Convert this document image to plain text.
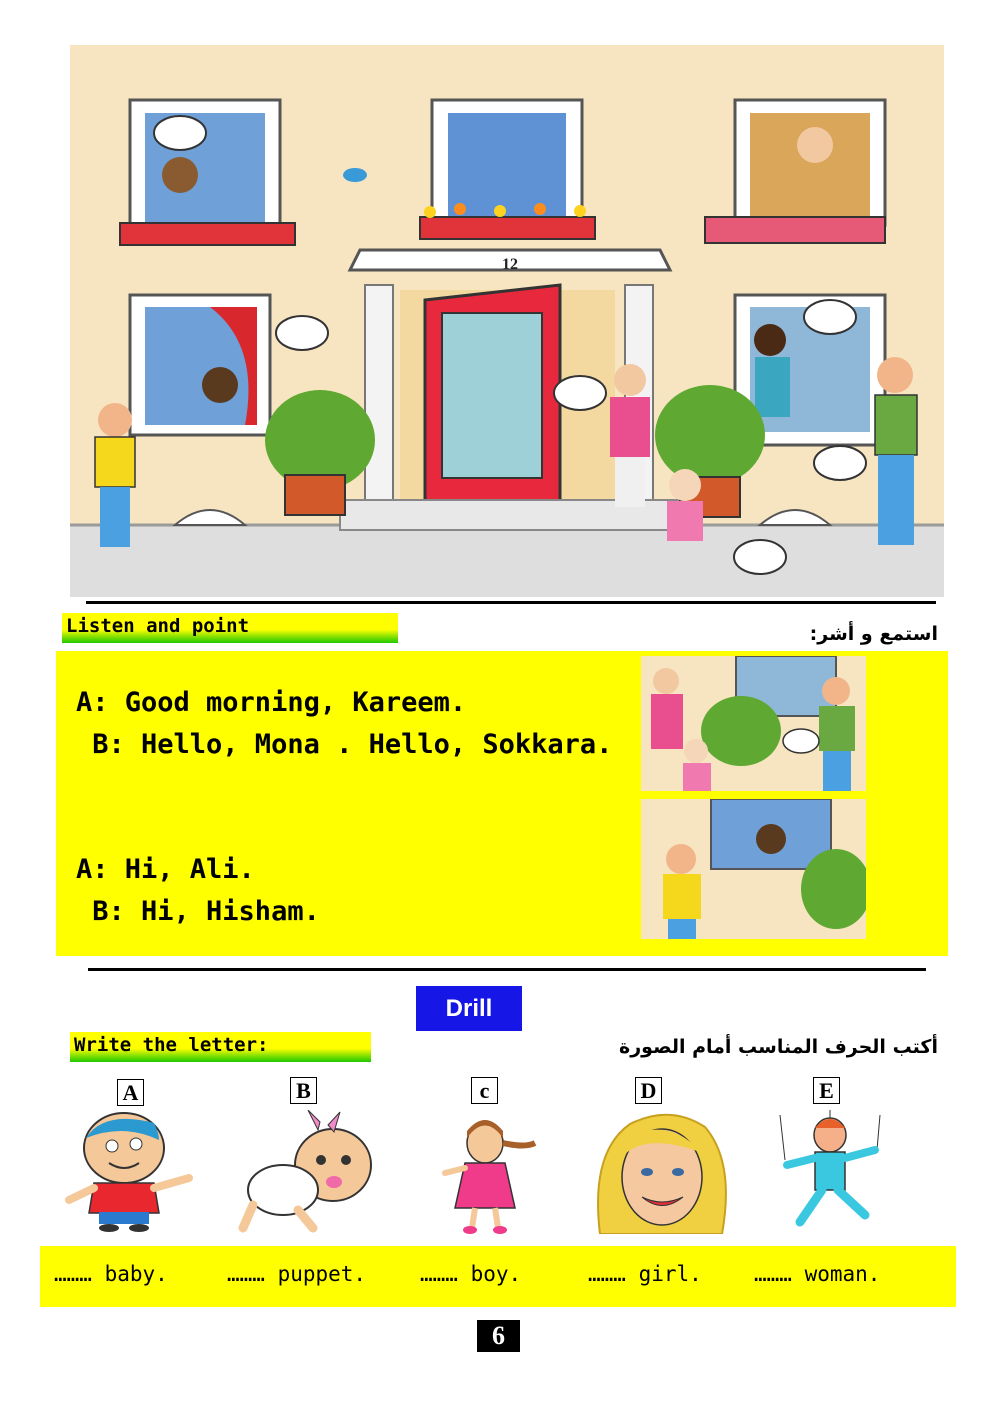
12
Listen and point	استمع و أشر:
A: Good morning, Kareem.
B: Hello, Mona . Hello, Sokkara.
A: Hi, Ali.
B: Hi, Hisham.
Drill
Write the letter:	أكتب الحرف المناسب أمام الصورة
A	B	c	D	E
……… baby.	……… puppet.	……… boy.	……… girl. ……… woman.
6
